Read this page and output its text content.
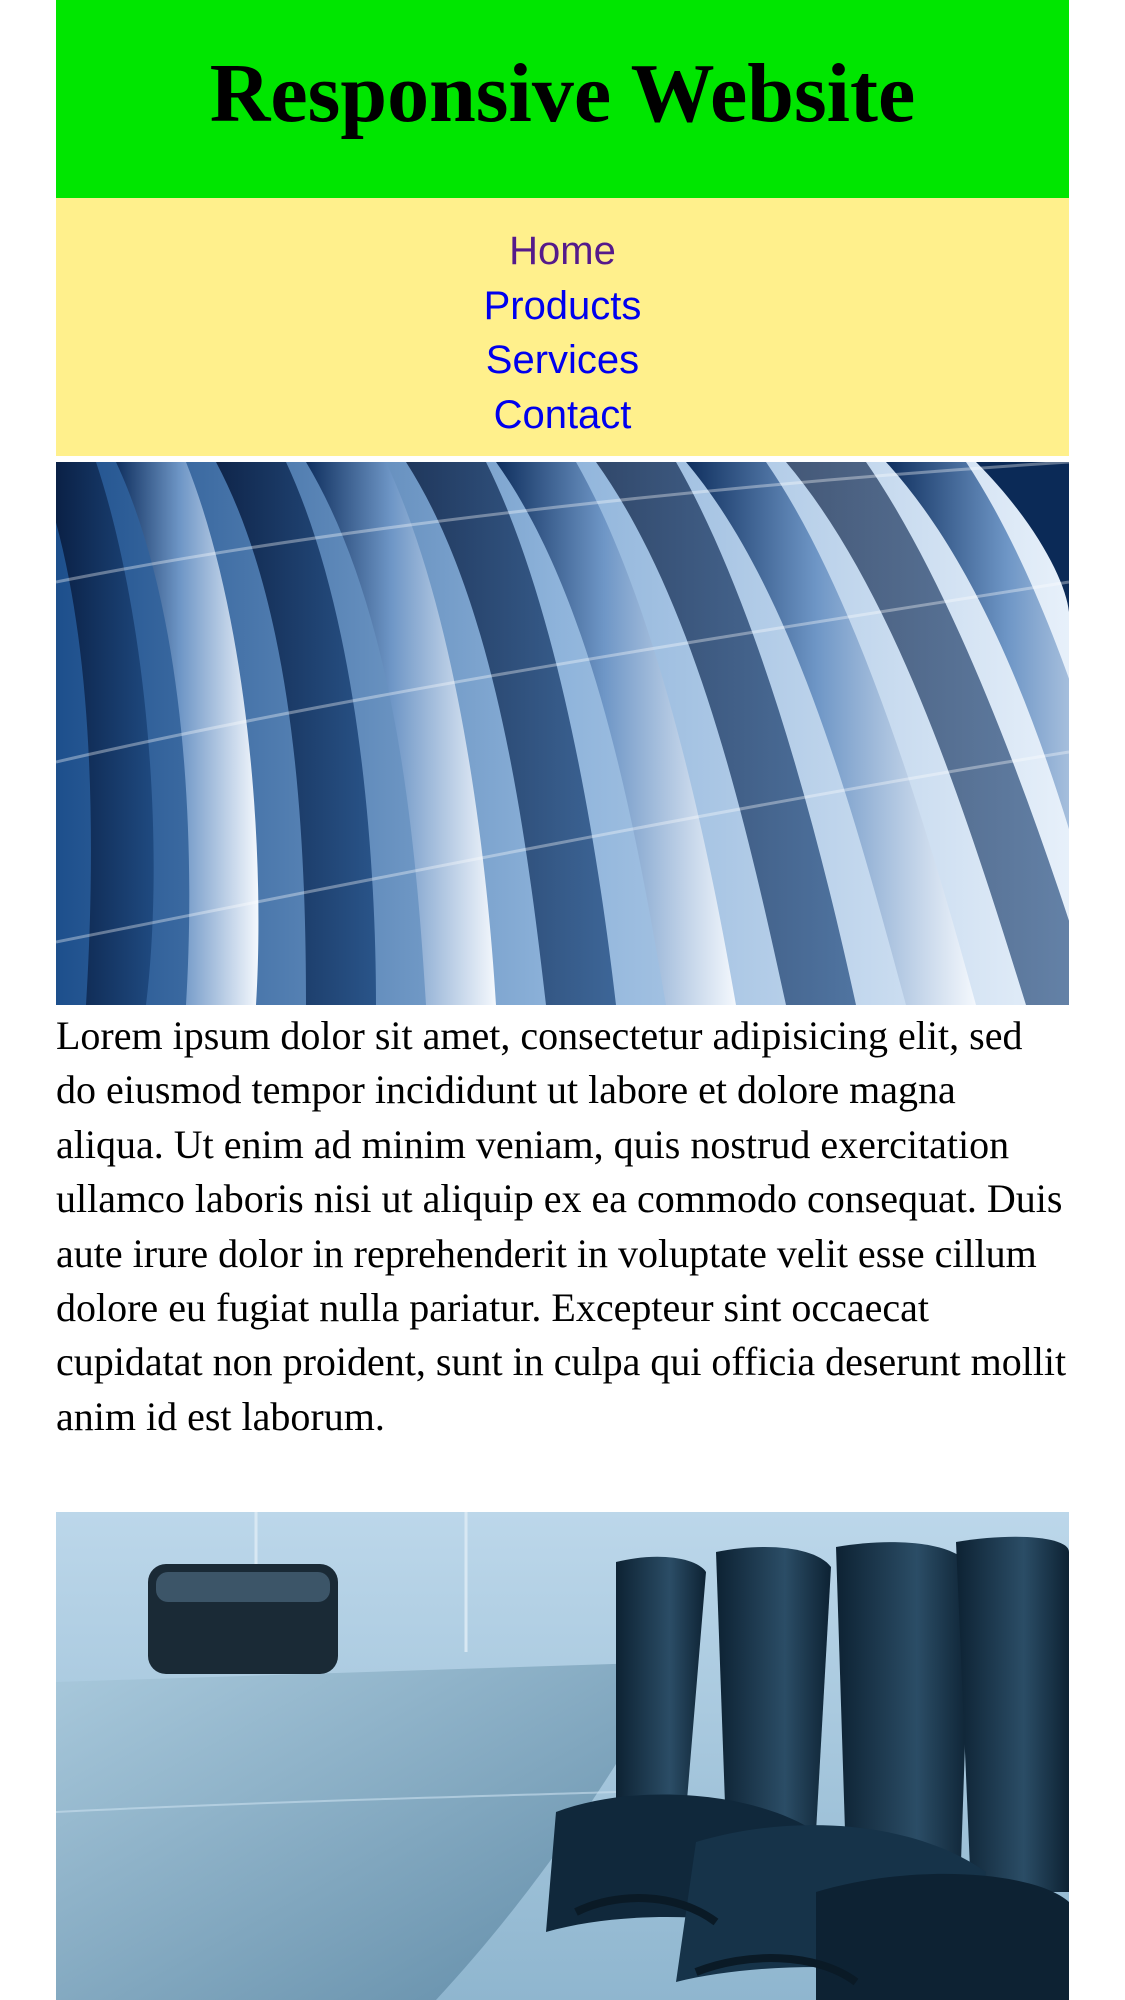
Responsive Website
Home
Products
Services
Contact

Lorem ipsum dolor sit amet, consectetur adipisicing elit, sed do eiusmod tempor incididunt ut labore et dolore magna aliqua. Ut enim ad minim veniam, quis nostrud exercitation ullamco laboris nisi ut aliquip ex ea commodo consequat. Duis aute irure dolor in reprehenderit in voluptate velit esse cillum dolore eu fugiat nulla pariatur. Excepteur sint occaecat cupidatat non proident, sunt in culpa qui officia deserunt mollit anim id est laborum.
